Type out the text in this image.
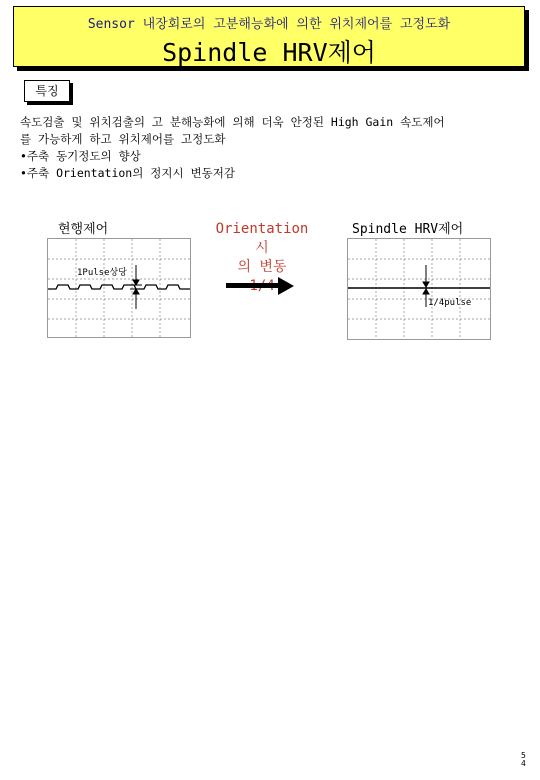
Sensor 내장회로의 고분해능화에 의한 위치제어를 고정도화
Spindle HRV제어
특징
속도검출 및 위치검출의 고 분해능화에 의해 더욱 안정된 High Gain 속도제어
를 가능하게 하고 위치제어를 고정도화
•주축 동기정도의 향상
•주축 Orientation의 정지시 변동저감
현행제어
1Pulse상당
Orientation시
의 변동
Spindle HRV제어
1/4pulse
5
4
